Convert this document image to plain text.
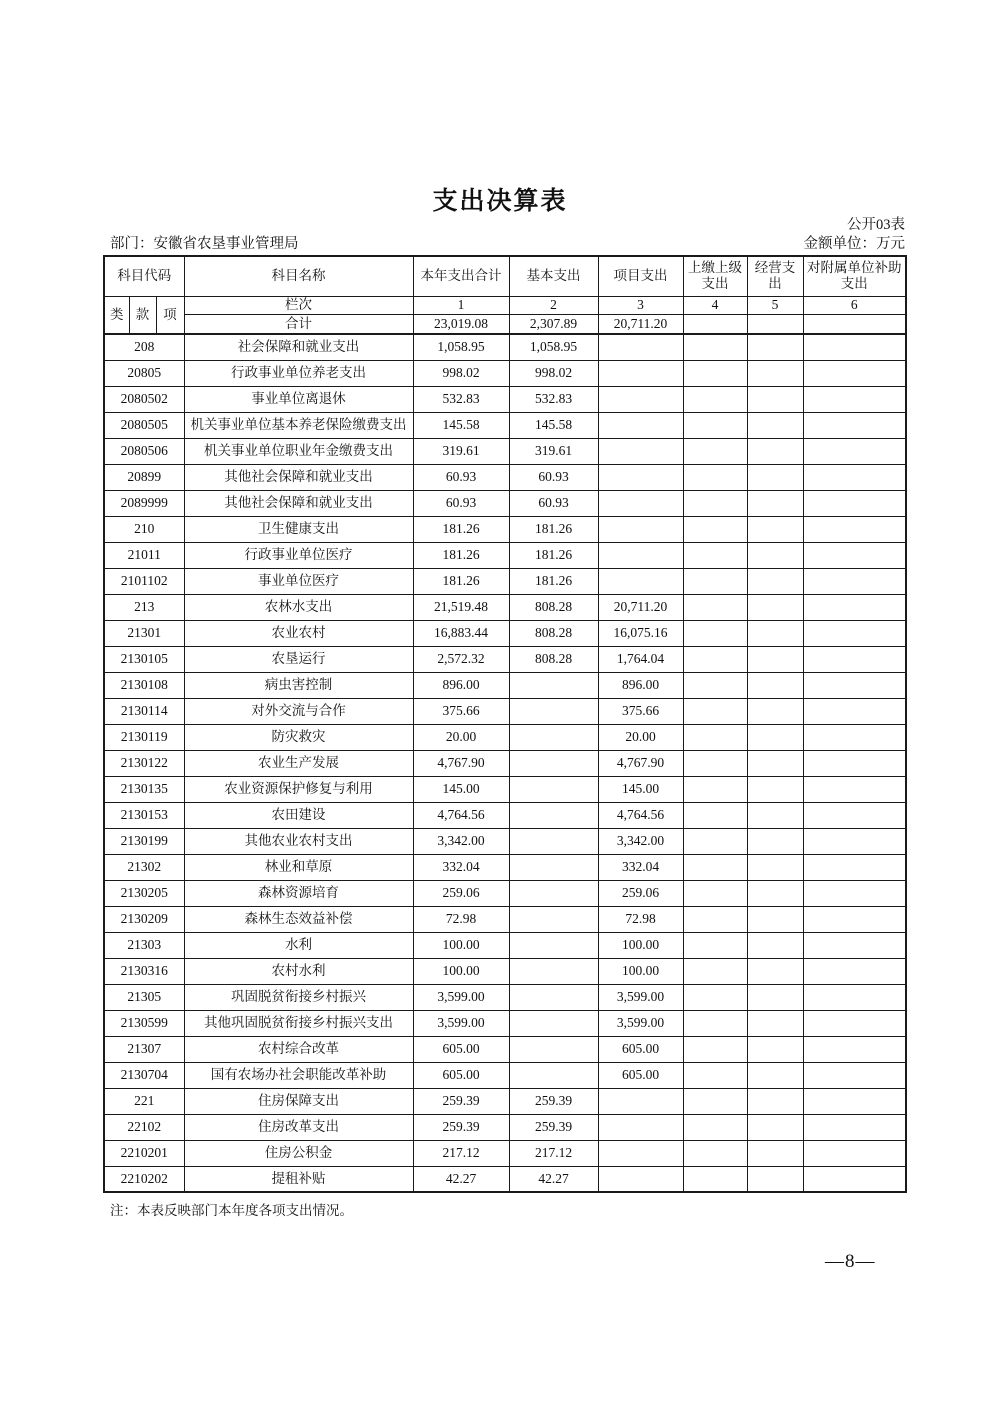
支出决算表
公开03表
部门：安徽省农垦事业管理局	金额单位：万元
科目代码			科目名称	本年支出合计	基本支出	项目支出	上缴上级支出	经营支出	对附属单位补助支出
类	款	项	栏次	1	2	3	4	5	6
			合计	23,019.08	2,307.89	20,711.20			
208			社会保障和就业支出	1,058.95	1,058.95				
20805			行政事业单位养老支出	998.02	998.02				
2080502			事业单位离退休	532.83	532.83				
2080505			机关事业单位基本养老保险缴费支出	145.58	145.58				
2080506			机关事业单位职业年金缴费支出	319.61	319.61				
20899			其他社会保障和就业支出	60.93	60.93				
2089999			其他社会保障和就业支出	60.93	60.93				
210			卫生健康支出	181.26	181.26				
21011			行政事业单位医疗	181.26	181.26				
2101102			事业单位医疗	181.26	181.26				
213			农林水支出	21,519.48	808.28	20,711.20			
21301			农业农村	16,883.44	808.28	16,075.16			
2130105			农垦运行	2,572.32	808.28	1,764.04			
2130108			病虫害控制	896.00		896.00			
2130114			对外交流与合作	375.66		375.66			
2130119			防灾救灾	20.00		20.00			
2130122			农业生产发展	4,767.90		4,767.90			
2130135			农业资源保护修复与利用	145.00		145.00			
2130153			农田建设	4,764.56		4,764.56			
2130199			其他农业农村支出	3,342.00		3,342.00			
21302			林业和草原	332.04		332.04			
2130205			森林资源培育	259.06		259.06			
2130209			森林生态效益补偿	72.98		72.98			
21303			水利	100.00		100.00			
2130316			农村水利	100.00		100.00			
21305			巩固脱贫衔接乡村振兴	3,599.00		3,599.00			
2130599			其他巩固脱贫衔接乡村振兴支出	3,599.00		3,599.00			
21307			农村综合改革	605.00		605.00			
2130704			国有农场办社会职能改革补助	605.00		605.00			
221			住房保障支出	259.39	259.39				
22102			住房改革支出	259.39	259.39				
2210201			住房公积金	217.12	217.12				
2210202			提租补贴	42.27	42.27				
注：本表反映部门本年度各项支出情况。
—8—
